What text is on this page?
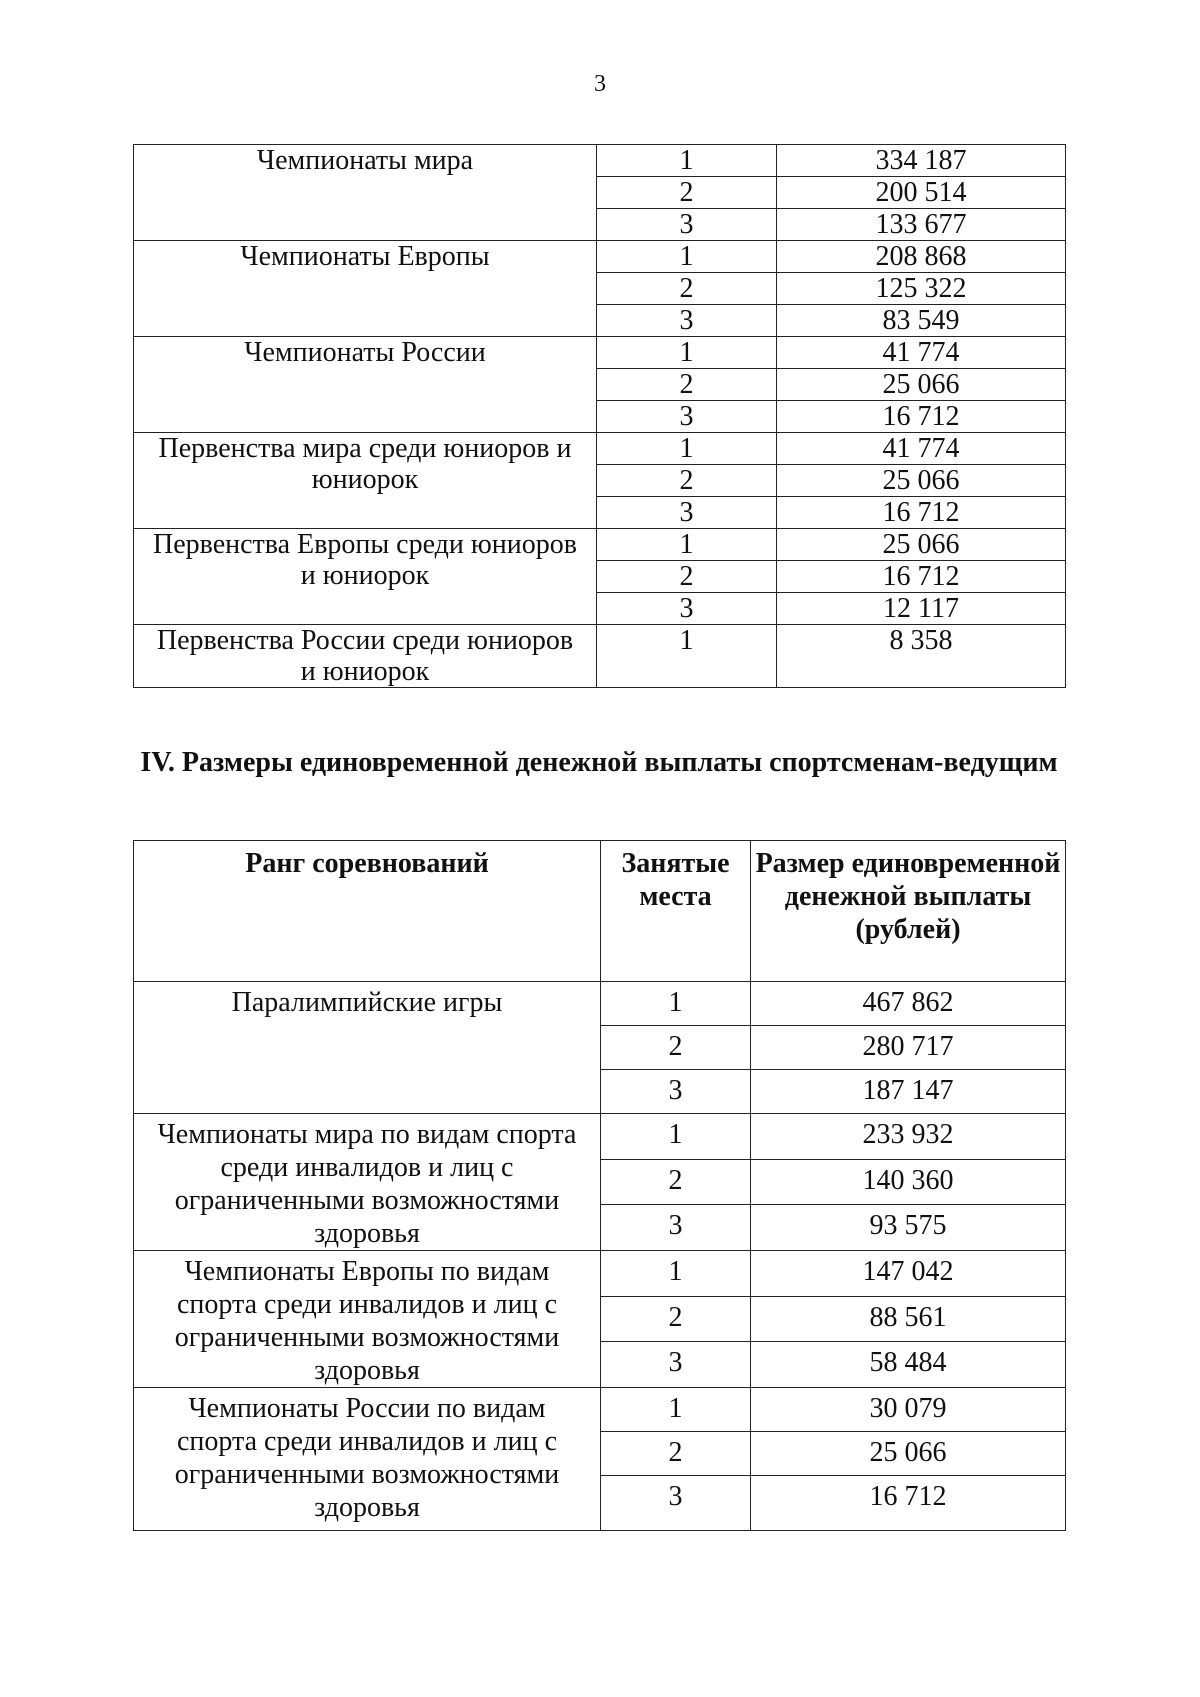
3
Чемпионаты мира	1	334 187
	2	200 514
	3	133 677
Чемпионаты Европы	1	208 868
	2	125 322
	3	83 549
Чемпионаты России	1	41 774
	2	25 066
	3	16 712
Первенства мира среди юниоров и юниорок	1	41 774
	2	25 066
	3	16 712
Первенства Европы среди юниоров и юниорок	1	25 066
	2	16 712
	3	12 117
Первенства России среди юниоров и юниорок	1	8 358
IV. Размеры единовременной денежной выплаты спортсменам-ведущим
Ранг соревнований	Занятые места	Размер единовременной денежной выплаты (рублей)
Паралимпийские игры	1	467 862
	2	280 717
	3	187 147
Чемпионаты мира по видам спорта среди инвалидов и лиц с ограниченными возможностями здоровья	1	233 932
	2	140 360
	3	93 575
Чемпионаты Европы по видам спорта среди инвалидов и лиц с ограниченными возможностями здоровья	1	147 042
	2	88 561
	3	58 484
Чемпионаты России по видам спорта среди инвалидов и лиц с ограниченными возможностями здоровья	1	30 079
	2	25 066
	3	16 712
